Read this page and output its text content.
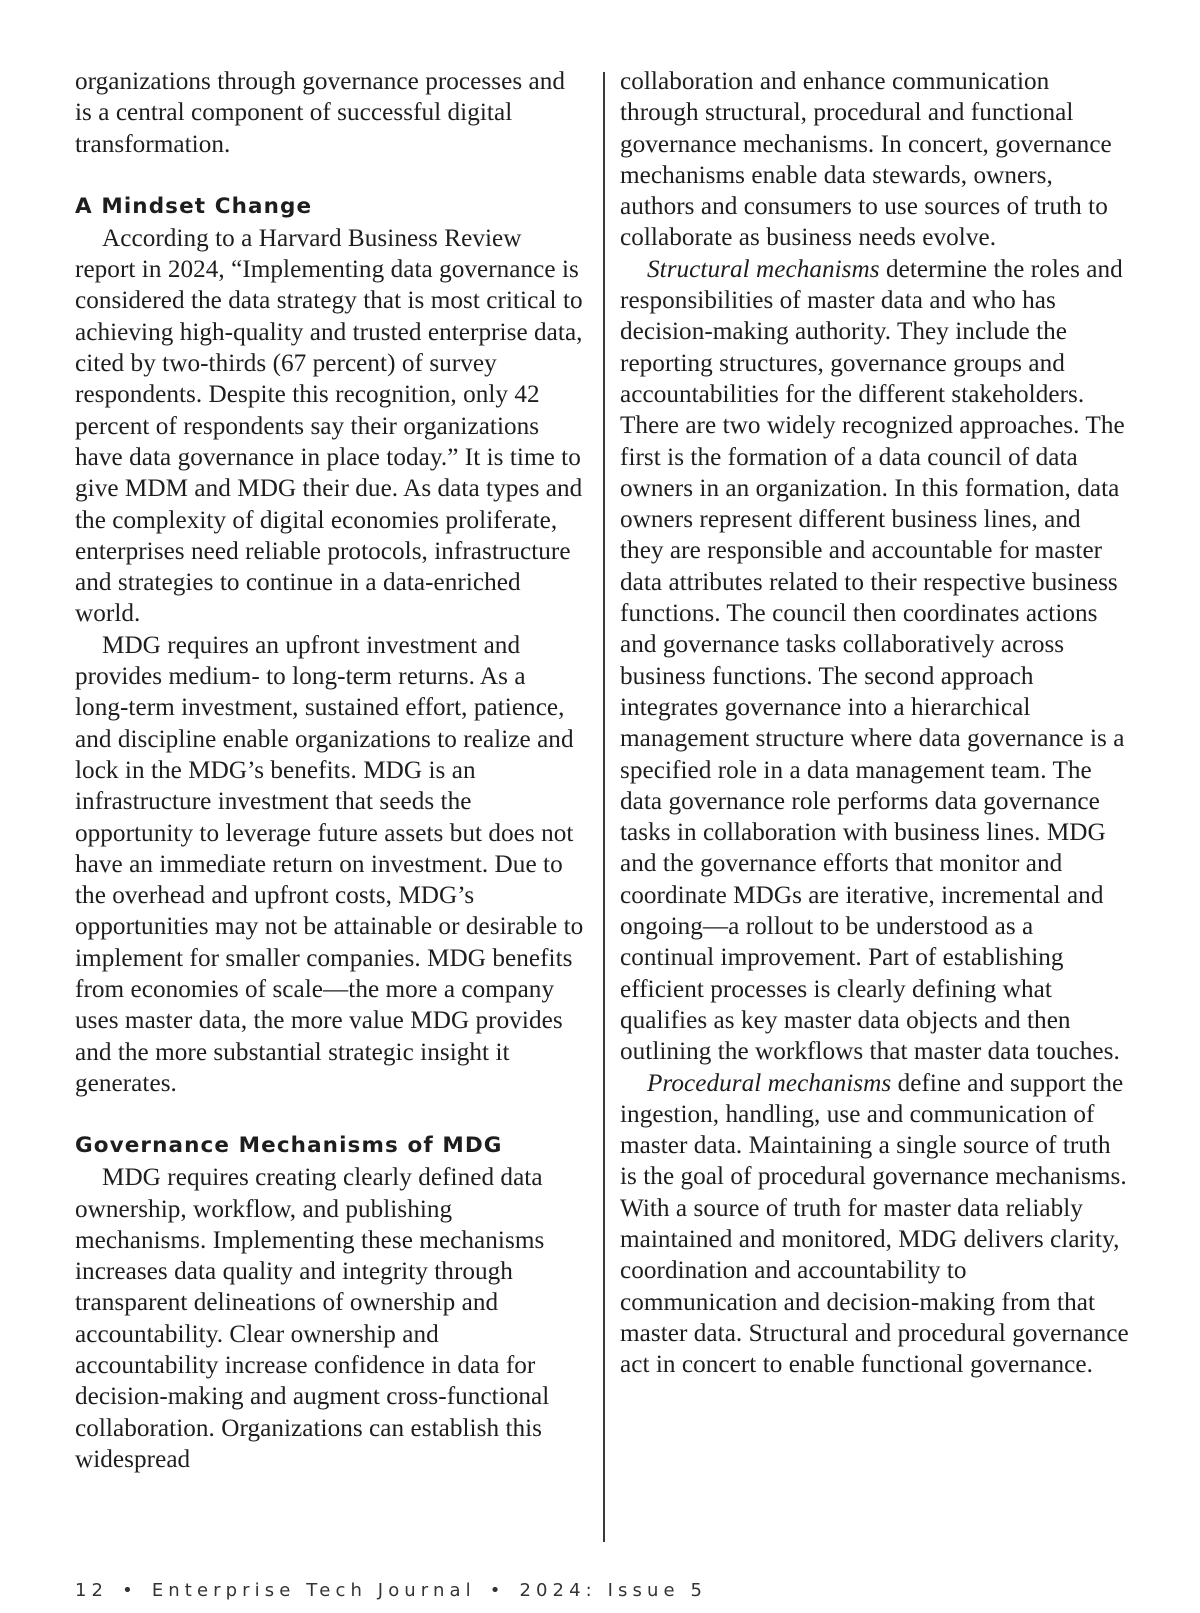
organizations through governance processes and is a central component of successful digital transformation.

A Mindset Change

According to a Harvard Business Review report in 2024, “Implementing data governance is considered the data strategy that is most critical to achieving high-quality and trusted enterprise data, cited by two-thirds (67 percent) of survey respondents. Despite this recognition, only 42 percent of respondents say their organizations have data governance in place today.” It is time to give MDM and MDG their due. As data types and the complexity of digital economies proliferate, enterprises need reliable protocols, infrastructure and strategies to continue in a data-enriched world.

MDG requires an upfront investment and provides medium- to long-term returns. As a long-term investment, sustained effort, patience, and discipline enable organizations to realize and lock in the MDG’s benefits. MDG is an infrastructure investment that seeds the opportunity to leverage future assets but does not have an immediate return on investment. Due to the overhead and upfront costs, MDG’s opportunities may not be attainable or desirable to implement for smaller companies. MDG benefits from economies of scale—the more a company uses master data, the more value MDG provides and the more substantial strategic insight it generates.

Governance Mechanisms of MDG

MDG requires creating clearly defined data ownership, workflow, and publishing mechanisms. Implementing these mechanisms increases data quality and integrity through transparent delineations of ownership and accountability. Clear ownership and accountability increase confidence in data for decision-making and augment cross-functional collaboration. Organizations can establish this widespread

collaboration and enhance communication through structural, procedural and functional governance mechanisms. In concert, governance mechanisms enable data stewards, owners, authors and consumers to use sources of truth to collaborate as business needs evolve.

Structural mechanisms determine the roles and responsibilities of master data and who has decision-making authority. They include the reporting structures, governance groups and accountabilities for the different stakeholders. There are two widely recognized approaches. The first is the formation of a data council of data owners in an organization. In this formation, data owners represent different business lines, and they are responsible and accountable for master data attributes related to their respective business functions. The council then coordinates actions and governance tasks collaboratively across business functions. The second approach integrates governance into a hierarchical management structure where data governance is a specified role in a data management team. The data governance role performs data governance tasks in collaboration with business lines. MDG and the governance efforts that monitor and coordinate MDGs are iterative, incremental and ongoing—a rollout to be understood as a continual improvement. Part of establishing efficient processes is clearly defining what qualifies as key master data objects and then outlining the workflows that master data touches.

Procedural mechanisms define and support the ingestion, handling, use and communication of master data. Maintaining a single source of truth is the goal of procedural governance mechanisms. With a source of truth for master data reliably maintained and monitored, MDG delivers clarity, coordination and accountability to communication and decision-making from that master data. Structural and procedural governance act in concert to enable functional governance.

12 • Enterprise Tech Journal • 2024: Issue 5
